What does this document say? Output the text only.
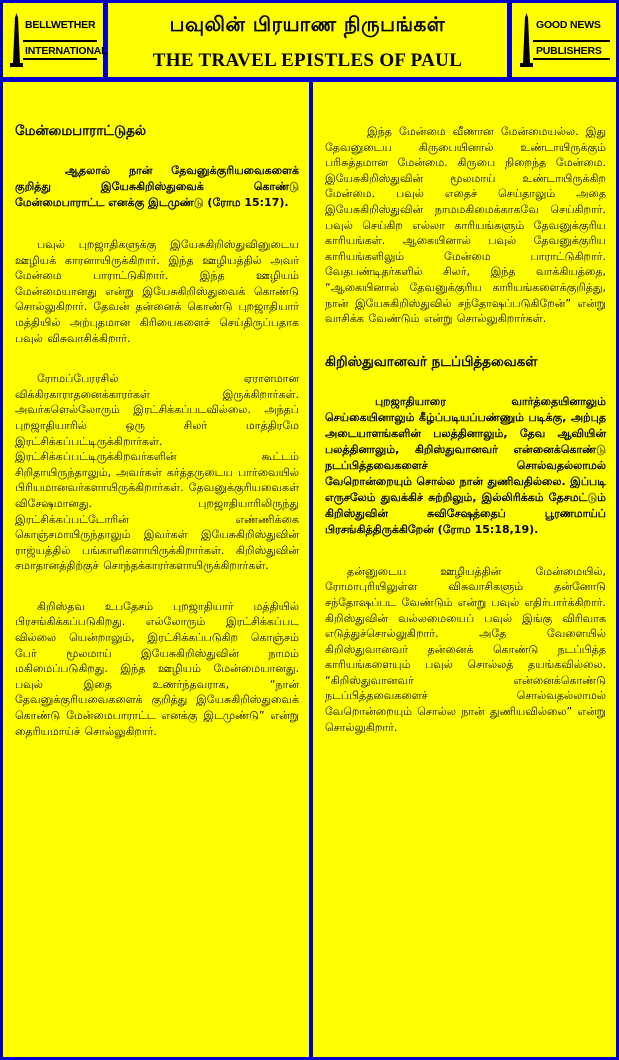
BELLWETHER
INTERNATIONAL
பவுலின் பிரயாண நிருபங்கள்
THE TRAVEL EPISTLES OF PAUL
GOOD NEWS
PUBLISHERS
மேன்மைபாராட்டுதல்
ஆதலால் நான் தேவனுக்குரியவைகளைக் குறித்து இயேசுகிறிஸ்துவைக் கொண்டு மேன்மைபாராட்ட எனக்கு இடமுண்டு (ரோம 15:17).
பவுல் புறஜாதிகளுக்கு இயேசுகிறிஸ்துவினுடைய ஊழியக் காரனாயிருக்கிறார். இந்த ஊழியத்தில் அவர் மேன்மை பாராட்டுகிறார். இந்த ஊழியம் மேன்மையானது என்று இயேசுகிறிஸ்துவைக் கொண்டு சொல்லுகிறார். தேவன் தன்னைக் கொண்டு புறஜாதியார் மத்தியில் அற்புதமான கிரியைகளைச் செய்திருப்பதாக பவுல் விசுவாசிக்கிறார்.
ரோமப்பேரரசில் ஏராளமான விக்கிரகாராதனைக்காரர்கள் இருக்கிறார்கள். அவர்களெல்லோரும் இரட்சிக்கப்படவில்லை. அந்தப் புறஜாதியாரில் ஒரு சிலர் மாத்திரமே இரட்சிக்கப்பட்டிருக்கிறார்கள். இரட்சிக்கப்பட்டிருக்கிறவர்களின் கூட்டம் சிறிதாயிருந்தாலும், அவர்கள் கர்த்தருடைய பார்வையில் பிரியமானவர்களாயிருக்கிறார்கள். தேவனுக்குரியவைகள் விசேஷமானது. புறஜாதியாரிலிருந்து இரட்சிக்கப்பட்டோரின் எண்ணிக்கை கொஞ்சமாயிருந்தாலும் இவர்கள் இயேசுகிறிஸ்துவின் ராஜ்யத்தில் பங்காளிகளாயிருக்கிறார்கள். கிறிஸ்துவின் சமாதானத்திற்குச் சொந்தக்காரர்களாயிருக்கிறார்கள்.
கிறிஸ்தவ உபதேசம் புறஜாதியார் மத்தியில் பிரசங்கிக்கப்படுகிறது. எல்லோரும் இரட்சிக்கப்பட வில்லை யென்றாலும், இரட்சிக்கப்படுகிற கொஞ்சம் பேர் மூலமாய் இயேசுகிறிஸ்துவின் நாமம் மகிமைப்படுகிறது. இந்த ஊழியம் மேன்மையானது. பவுல் இதை உணர்ந்தவராக, “நான் தேவனுக்குரியவைகளைக் குறித்து இயேசுகிறிஸ்துவைக் கொண்டு மேன்மைபாராட்ட எனக்கு இடமுண்டு” என்று தைரியமாய்ச் சொல்லுகிறார்.
இந்த மேன்மை வீணான மேன்மையல்ல. இது தேவனுடைய கிருபையினால் உண்டாயிருக்கும் பரிசுத்தமான மேன்மை. கிருபை நிறைந்த மேன்மை. இயேசுகிறிஸ்துவின் மூலமாய் உண்டாயிருக்கிற மேன்மை. பவுல் எதைச் செய்தாலும் அதை இயேசுகிறிஸ்துவின் நாமமகிமைக்காகவே செய்கிறார். பவுல் செய்கிற எல்லா காரியங்களும் தேவனுக்குரிய காரியங்கள். ஆகையினால் பவுல் தேவனுக்குரிய காரியங்களிலும் மேன்மை பாராட்டுகிறார். வேதபண்டிதர்களில் சிலர், இந்த வாக்கியத்தை, “ஆகையினால் தேவனுக்குரிய காரியங்களைக்குறித்து, நான் இயேசுகிறிஸ்துவில் சந்தோஷப்படுகிறேன்” என்று வாசிக்க வேண்டும் என்று சொல்லுகிறார்கள்.
கிறிஸ்துவானவர் நடப்பித்தவைகள்
புறஜாதியாரை வார்த்தையினாலும் செய்கையினாலும் கீழ்ப்படியப்பண்ணும் படிக்கு, அற்புத அடையாளங்களின் பலத்தினாலும், தேவ ஆவியின் பலத்தினாலும், கிறிஸ்துவானவர் என்னைக்கொண்டு நடப்பித்தவைகளைச் சொல்வதல்லாமல் வேறொன்றையும் சொல்ல நான் துணிவதில்லை. இப்படி எருசலேம் துவக்கிச் சுற்றிலும், இல்லிரிக்கம் தேசமட்டும் கிறிஸ்துவின் சுவிசேஷத்தைப் பூரணமாய்ப் பிரசங்கித்திருக்கிறேன் (ரோம 15:18,19).
தன்னுடைய ஊழியத்தின் மேன்மையில், ரோமாபுரியிலுள்ள விசுவாசிகளும் தன்னோடு சந்தோஷப்பட வேண்டும் என்று பவுல் எதிர்பார்க்கிறார். கிறிஸ்துவின் வல்லமையைப் பவுல் இங்கு விரிவாக எடுத்துச்சொல்லுகிறார். அதே வேளையில் கிறிஸ்துவானவர் தன்னைக் கொண்டு நடப்பித்த காரியங்களையும் பவுல் சொல்லத் தயங்கவில்லை. “கிறிஸ்துவானவர் என்னைக்கொண்டு நடப்பித்தவைகளைச் சொல்வதல்லாமல் வேறொன்றையும் சொல்ல நான் துணியவில்லை” என்று சொல்லுகிறார்.
